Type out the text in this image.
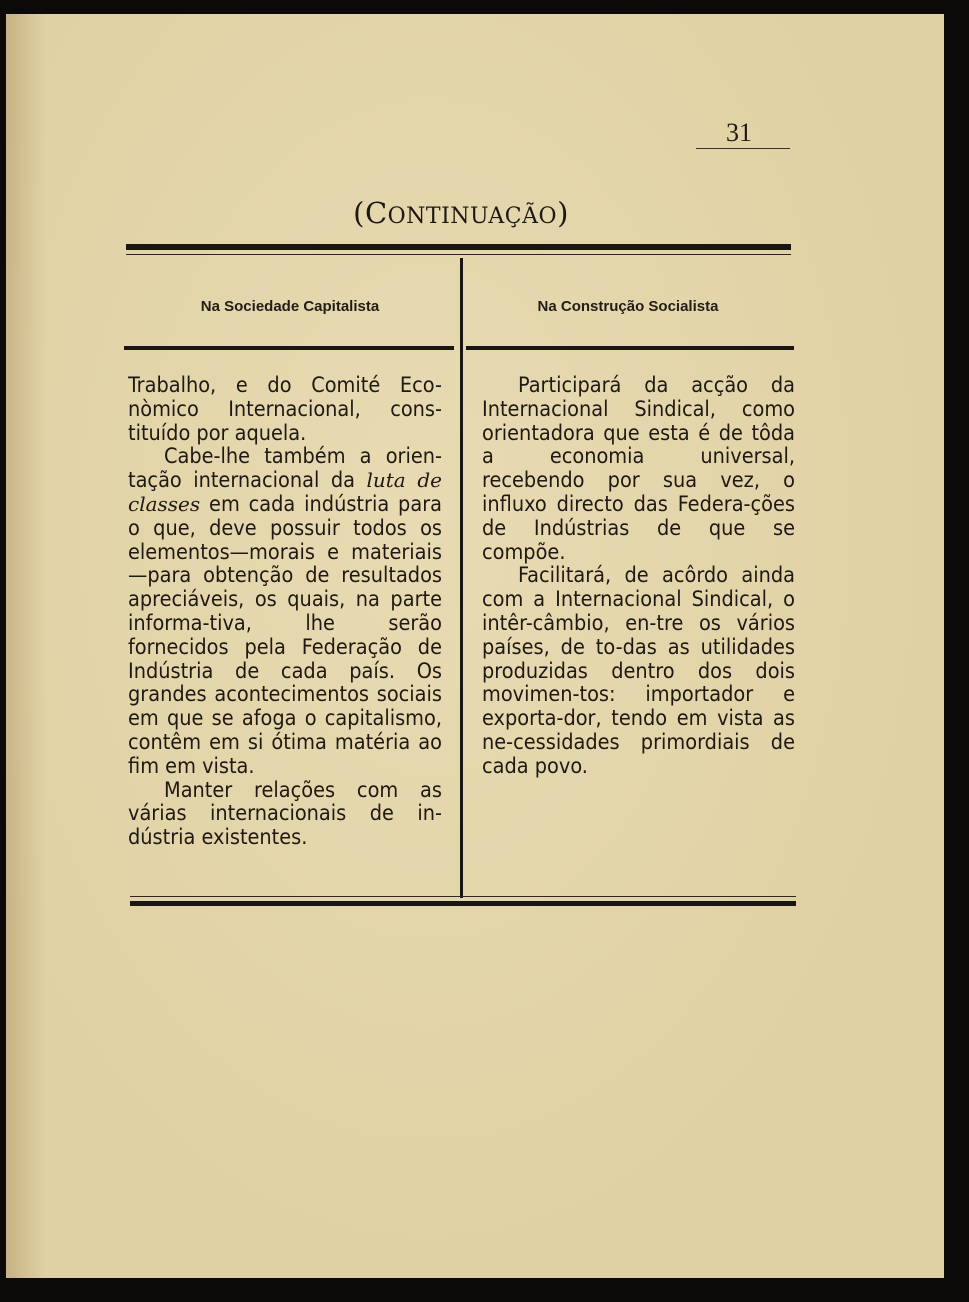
31
(CONTINUAÇÃO)
Na Sociedade Capitalista	Na Construção Socialista

Trabalho, e do Comité Eco-nòmico Internacional, cons-tituído por aquela.

Cabe-lhe também a orien-tação internacional da luta de classes em cada indústria para o que, deve possuir todos os elementos—morais e materiais—para obtenção de resultados apreciáveis, os quais, na parte informa-tiva, lhe serão fornecidos pela Federação de Indústria de cada país. Os grandes acontecimentos sociais em que se afoga o capitalismo, contêm em si ótima matéria ao fim em vista.

Manter relações com as várias internacionais de in-dústria existentes.

Participará da acção da Internacional Sindical, como orientadora que esta é de tôda a economia universal, recebendo por sua vez, o influxo directo das Federa-ções de Indústrias de que se compõe.

Facilitará, de acôrdo ainda com a Internacional Sindical, o intêr-câmbio, en-tre os vários países, de to-das as utilidades produzidas dentro dos dois movimen-tos: importador e exporta-dor, tendo em vista as ne-cessidades primordiais de cada povo.
